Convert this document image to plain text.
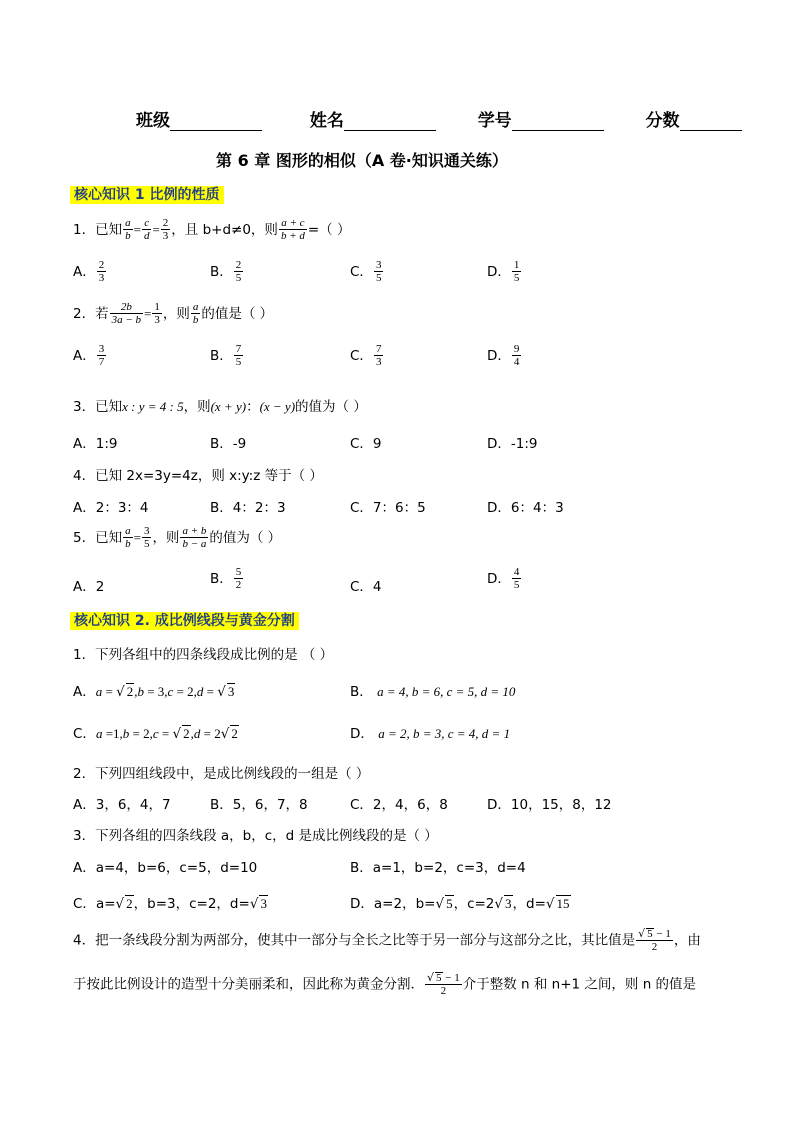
班级	姓名	学号	分数
第 6 章 图形的相似（A 卷·知识通关练）
核心知识 1 比例的性质
1．已知 $\frac{a}{b} = \frac{c}{d} = \frac{2}{3}$ ，且 b+d≠0，则 $\frac{a + c}{b + d}$ =（ ）
A． $\frac{2}{3}$	B． $\frac{2}{5}$	C． $\frac{3}{5}$	D． $\frac{1}{5}$
2．若 $\frac{2b}{3a - b} = \frac{1}{3}$ ，则 $\frac{a}{b}$ 的值是（ ）
A． $\frac{3}{7}$	B． $\frac{7}{5}$	C． $\frac{7}{3}$	D． $\frac{9}{4}$
3．已知x : y = 4 : 5，则(x + y)：(x − y)的值为（ ）
A．1:9	B．-9	C．9	D．-1:9
4．已知 2x=3y=4z，则 x:y:z 等于（ ）
A．2：3：4	B．4：2：3	C．7：6：5	D．6：4：3
5．已知 $\frac{a}{b} = \frac{3}{5}$ ，则 $\frac{a + b}{b - a}$ 的值为（ ）
A．2	B． $\frac{5}{2}$	C．4	D． $\frac{4}{5}$
核心知识 2. 成比例线段与黄金分割
1．下列各组中的四条线段成比例的是 （ ）
A．a = √ 2,b = 3,c = 2,d = √ 3	B． a = 4, b = 6, c = 5, d = 10
C．a =1,b = 2,c = √ 2,d = 2√ 2	D． a = 2, b = 3, c = 4, d = 1
2．下列四组线段中，是成比例线段的一组是（ ）
A．3，6，4，7	B．5，6，7，8	C．2，4，6，8	D．10，15，8，12
3．下列各组的四条线段 a，b，c，d 是成比例线段的是（ ）
A．a=4，b=6，c=5，d=10	B．a=1，b=2，c=3，d=4
C．a=√ 2，b=3，c=2，d=√ 3	D．a=2，b=√ 5，c=2√ 3，d=√ 15
4．把一条线段分割为两部分，使其中一部分与全长之比等于另一部分与这部分之比，其比值是 $\frac{√ 5 - 1}{2}$ ，由
于按此比例设计的造型十分美丽柔和，因此称为黄金分割． $\frac{√ 5 - 1}{2}$ 介于整数 n 和 n+1 之间，则 n 的值是
